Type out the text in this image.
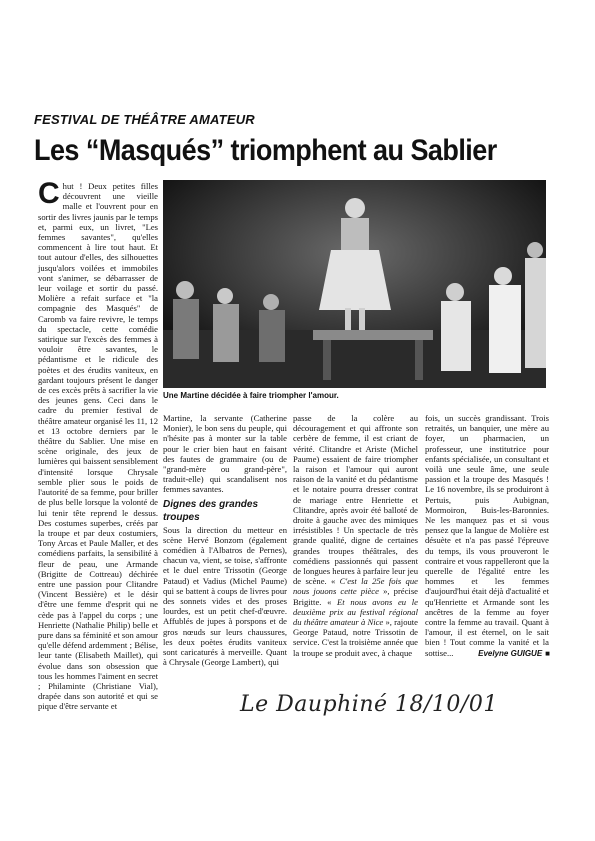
FESTIVAL DE THÉÂTRE AMATEUR
Les “Masqués” triomphent au Sablier
Une Martine décidée à faire triompher l'amour.

Chut ! Deux petites filles découvrent une vieille malle et l'ouvrent pour en sortir des livres jaunis par le temps et, parmi eux, un livret, "Les femmes savantes", qu'elles commencent à lire tout haut. Et tout autour d'elles, des silhouettes jusqu'alors voilées et immobiles vont s'animer, se débarrasser de leur voilage et sortir du passé. Molière a refait surface et "la compagnie des Masqués" de Caromb va faire revivre, le temps du spectacle, cette comédie satirique sur l'excès des femmes à vouloir être savantes, le pédantisme et le ridicule des poètes et des érudits vaniteux, en gardant toujours présent le danger de ces excès prêts à sacrifier la vie des jeunes gens. Ceci dans le cadre du premier festival de théâtre amateur organisé les 11, 12 et 13 octobre derniers par le théâtre du Sablier. Une mise en scène originale, des jeux de lumières qui baissent sensiblement d'intensité lorsque Chrysale semble plier sous le poids de l'autorité de sa femme, pour briller de plus belle lorsque la volonté de lui tenir tête reprend le dessus. Des costumes superbes, créés par la troupe et par deux costumiers, Tony Arcas et Paule Maller, et des comédiens parfaits, la sensibilité à fleur de peau, une Armande (Brigitte de Cottreau) déchirée entre une passion pour Clitandre (Vincent Bessière) et le désir d'être une femme d'esprit qui ne cède pas à l'appel du corps ; une Henriette (Nathalie Philip) belle et pure dans sa féminité et son amour qu'elle défend ardemment ; Bélise, leur tante (Elisabeth Maillet), qui évolue dans son obsession que tous les hommes l'aiment en secret ; Philaminte (Christiane Vial), drapée dans son autorité et qui se pique d'être servante et

Martine, la servante (Catherine Monier), le bon sens du peuple, qui n'hésite pas à monter sur la table pour le crier bien haut en faisant des fautes de grammaire (ou de "grand-mère ou grand-père", traduit-elle) qui scandalisent nos femmes savantes.

Dignes des grandes troupes

Sous la direction du metteur en scène Hervé Bonzom (également comédien à l'Albatros de Pernes), chacun va, vient, se toise, s'affronte et le duel entre Trissotin (George Pataud) et Vadius (Michel Paume) qui se battent à coups de livres pour des sonnets vides et des proses lourdes, est un petit chef-d'œuvre. Affublés de jupes à porspons et de gros nœuds sur leurs chaussures, les deux poètes érudits vaniteux sont caricaturés à merveille. Quant à Chrysale (George Lambert), qui

passe de la colère au découragement et qui affronte son cerbère de femme, il est criant de vérité. Clitandre et Ariste (Michel Paume) essaient de faire triompher la raison et l'amour qui auront raison de la vanité et du pédantisme et le notaire pourra dresser contrat de mariage entre Henriette et Clitandre, après avoir été balloté de droite à gauche avec des mimiques irrésistibles ! Un spectacle de très grande qualité, digne de certaines grandes troupes théâtrales, des comédiens passionnés qui passent de longues heures à parfaire leur jeu de scène. « C'est la 25e fois que nous jouons cette pièce », précise Brigitte. « Et nous avons eu le deuxième prix au festival régional du théâtre amateur à Nice », rajoute George Pataud, notre Trissotin de service. C'est la troisième année que la troupe se produit avec, à chaque

fois, un succès grandissant. Trois retraités, un banquier, une mère au foyer, un pharmacien, un professeur, une institutrice pour enfants spécialisée, un consultant et voilà une seule âme, une seule passion et la troupe des Masqués ! Le 16 novembre, ils se produiront à Pertuis, puis Aubignan, Mormoiron, Buis-les-Baronnies. Ne les manquez pas et si vous pensez que la langue de Molière est désuète et n'a pas passé l'épreuve du temps, ils vous prouveront le contraire et vous rappelleront que la querelle de l'égalité entre les hommes et les femmes d'aujourd'hui était déjà d'actualité et qu'Henriette et Armande sont les ancêtres de la femme au foyer contre la femme au travail. Quant à l'amour, il est éternel, on le sait bien ! Tout comme la vanité et la sottise...	Evelyne GUIGUE ■
Le Dauphiné 18/10/01
